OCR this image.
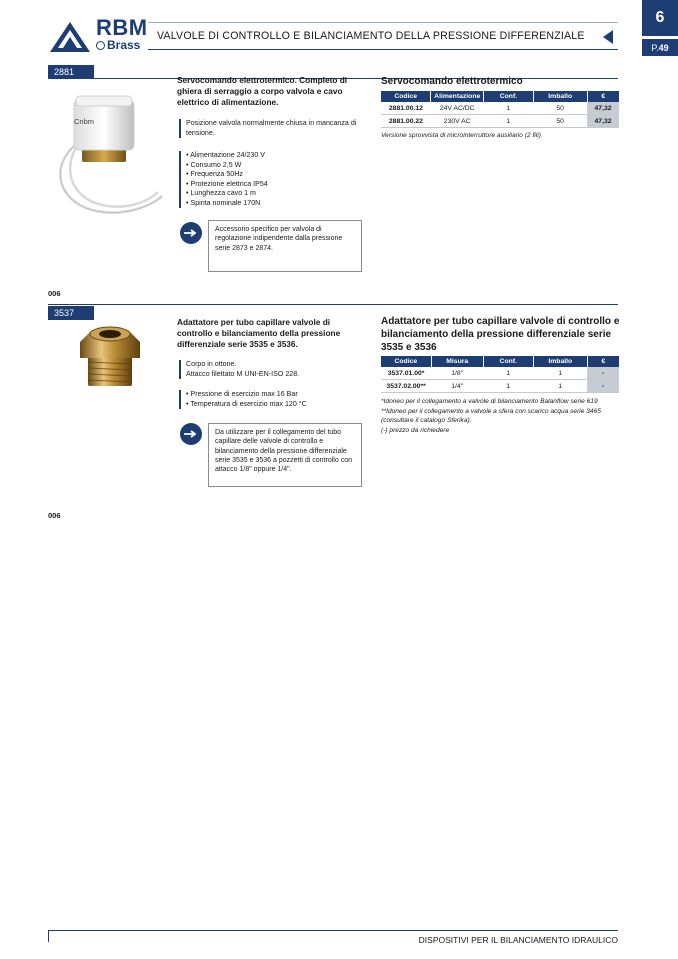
RBM
Brass
VALVOLE DI CONTROLLO E BILANCIAMENTO DELLA PRESSIONE DIFFERENZIALE
6
P. 49
2881
Cnbm
Servocomando elettrotermico. Completo di ghiera di serraggio a corpo valvola e cavo elettrico di alimentazione.
Posizione valvola normalmente chiusa in mancanza di tensione.
• Alimentazione 24/230 V
• Consumo 2,5 W
• Frequenza 50Hz
• Protezione elettrica IP54
• Lunghezza cavo 1 m
• Spinta nominale 170N
Accessorio specifico per valvola di regolazione indipendente dalla pressione serie 2873 e 2874.
Servocomando elettrotermico
Codice	Alimentazione	Conf.	Imballo	€
2881.00.12	24V AC/DC	1	50	47,32
2881.00.22	230V AC	1	50	47,32
Versione sprovvista di microinterruttore ausiliario (2 fili)
006
3537
Adattatore per tubo capillare valvole di controllo e bilanciamento della pressione differenziale serie 3535 e 3536.
Corpo in ottone.
Attacco filettato M UNI-EN-ISO 228.
• Pressione di esercizio max 16 Bar
• Temperatura di esercizio max 120 °C
Da utilizzare per il collegamento del tubo capillare delle valvole di controllo e bilanciamento della pressione differenziale serie 3535 e 3536 a pozzetti di controllo con attacco 1/8" oppure 1/4".
Adattatore per tubo capillare valvole di controllo e bilanciamento della pressione differenziale serie 3535 e 3536
Codice	Misura	Conf.	Imballo	€
3537.01.00*	1/8"	1	1	-
3537.02.00**	1/4"	1	1	-
*Idoneo per il collegamento a valvole di bilanciamento Balanflow serie 619
**Idoneo per il collegamento a valvole a sfera con scarico acqua serie 3465 (consultare il catalogo Sferika).
(-) prezzo da richiedere
006
DISPOSITIVI PER IL BILANCIAMENTO IDRAULICO
